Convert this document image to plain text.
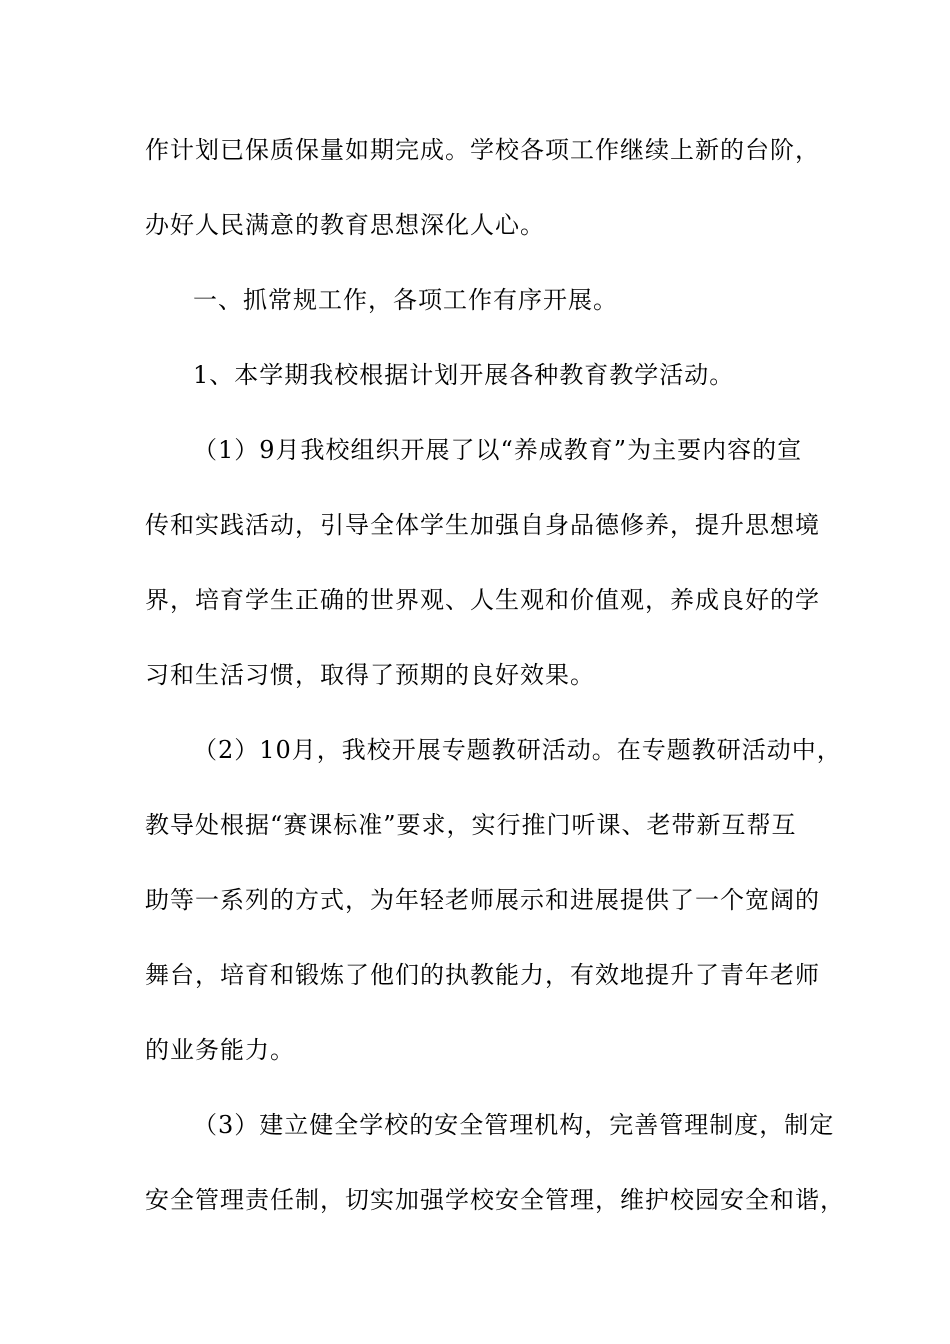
作计划已保质保量如期完成。学校各项工作继续上新的台阶，
办好人民满意的教育思想深化人心。
一、抓常规工作，各项工作有序开展。
1、本学期我校根据计划开展各种教育教学活动。
（1）9月我校组织开展了以“养成教育”为主要内容的宣
传和实践活动，引导全体学生加强自身品德修养，提升思想境
界，培育学生正确的世界观、人生观和价值观，养成良好的学
习和生活习惯，取得了预期的良好效果。
（2）10月，我校开展专题教研活动。在专题教研活动中，
教导处根据“赛课标准”要求，实行推门听课、老带新互帮互
助等一系列的方式，为年轻老师展示和进展提供了一个宽阔的
舞台，培育和锻炼了他们的执教能力，有效地提升了青年老师
的业务能力。
（3）建立健全学校的安全管理机构，完善管理制度，制定
安全管理责任制，切实加强学校安全管理，维护校园安全和谐，
